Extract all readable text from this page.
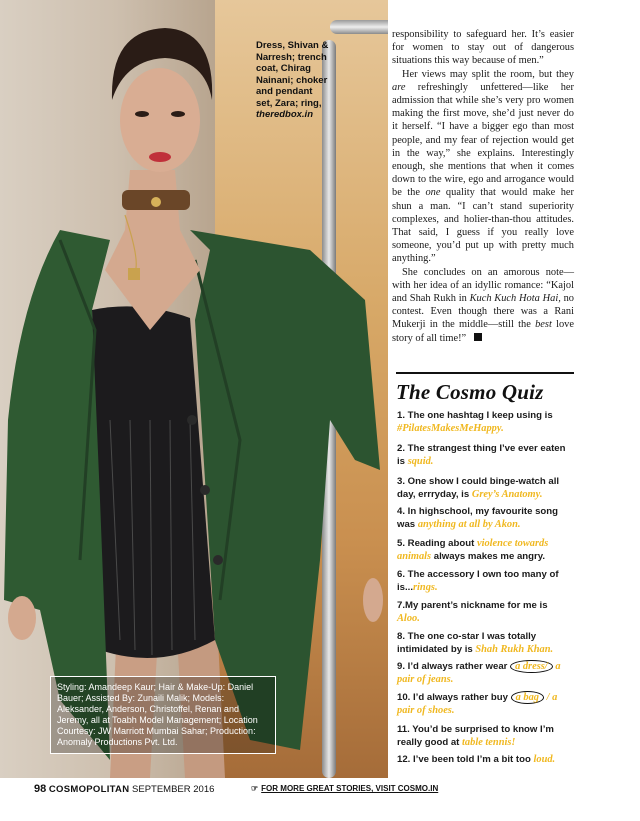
Dress, Shivan &
Narresh; trench
coat, Chirag
Nainani; choker
and pendant
set, Zara; ring,
theredbox.in
Styling: Amandeep Kaur; Hair & Make-Up: Daniel Bauer; Assisted By: Zunaili Malik; Models: Aleksander, Anderson, Christoffel, Renan and Jeremy, all at Toabh Model Management; Location Courtesy: JW Marriott Mumbai Sahar; Production: Anomaly Productions Pvt. Ltd.

responsibility to safeguard her. It’s easier for women to stay out of dangerous situations this way because of men.”

Her views may split the room, but they are refreshingly unfettered—like her admission that while she’s very pro women making the first move, she’d just never do it herself. “I have a bigger ego than most people, and my fear of rejection would get in the way,” she explains. Interestingly enough, she mentions that when it comes down to the wire, ego and arrogance would be the one quality that would make her shun a man. “I can’t stand superiority complexes, and holier-than-thou attitudes. That said, I guess if you really love someone, you’d put up with pretty much anything.”

She concludes on an amorous note—with her idea of an idyllic romance: “Kajol and Shah Rukh in Kuch Kuch Hota Hai, no contest. Even though there was a Rani Mukerji in the middle—still the best love story of all time!”

The Cosmo Quiz
1. The one hashtag I keep using is
#PilatesMakesMeHappy.
2. The strangest thing I’ve ever eaten is squid.
3. One show I could binge-watch all day, errryday, is Grey’s Anatomy.
4. In highschool, my favourite song was anything at all by Akon.
5. Reading about violence towards animals always makes me angry.
6. The accessory I own too many of is...rings.
7.My parent’s nickname for me is
Aloo.
8. The one co-star I was totally intimidated by is Shah Rukh Khan.
9. I’d always rather wear a dress/ a pair of jeans.
10. I’d always rather buy a bag / a pair of shoes.
11. You’d be surprised to know I’m really good at table tennis!
12. I’ve been told I’m a bit too loud.
98 COSMOPOLITAN SEPTEMBER 2016	☞ FOR MORE GREAT STORIES, VISIT COSMO.IN
